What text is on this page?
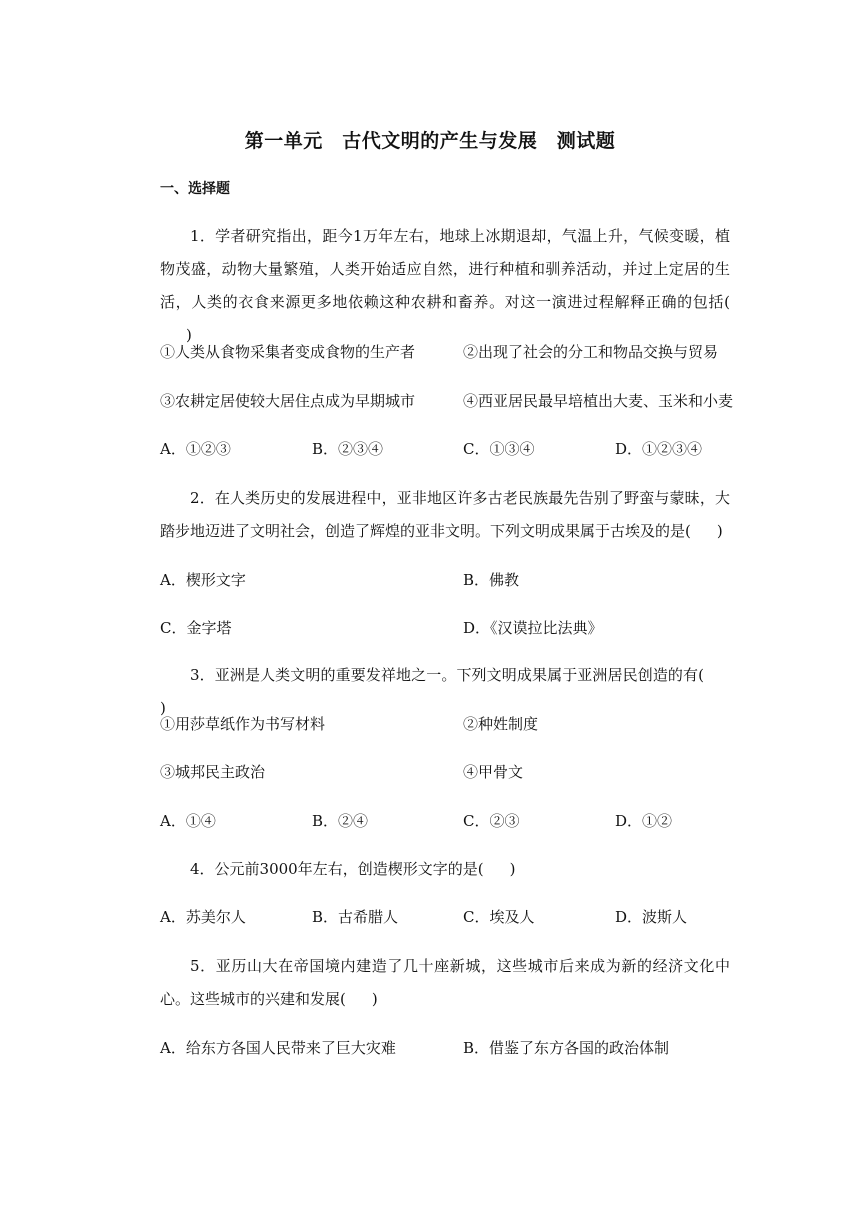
第一单元　古代文明的产生与发展　测试题
一、选择题

1．学者研究指出，距今1万年左右，地球上冰期退却，气温上升，气候变暖，植物茂盛，动物大量繁殖，人类开始适应自然，进行种植和驯养活动，并过上定居的生活，人类的衣食来源更多地依赖这种农耕和畜养。对这一演进过程解释正确的包括()

①人类从食物采集者变成食物的生产者	②出现了社会的分工和物品交换与贸易
③农耕定居使较大居住点成为早期城市	④西亚居民最早培植出大麦、玉米和小麦
A．①②③	B．②③④	C．①③④	D．①②③④

2．在人类历史的发展进程中，亚非地区许多古老民族最先告别了野蛮与蒙昧，大踏步地迈进了文明社会，创造了辉煌的亚非文明。下列文明成果属于古埃及的是( )

A．楔形文字	B．佛教
C．金字塔	D．《汉谟拉比法典》

3．亚洲是人类文明的重要发祥地之一。下列文明成果属于亚洲居民创造的有()

①用莎草纸作为书写材料	②种姓制度
③城邦民主政治	④甲骨文
A．①④	B．②④	C．②③	D．①②

4．公元前3000年左右，创造楔形文字的是( )

A．苏美尔人	B．古希腊人	C．埃及人	D．波斯人

5．亚历山大在帝国境内建造了几十座新城，这些城市后来成为新的经济文化中心。这些城市的兴建和发展( )

A．给东方各国人民带来了巨大灾难	B．借鉴了东方各国的政治体制
